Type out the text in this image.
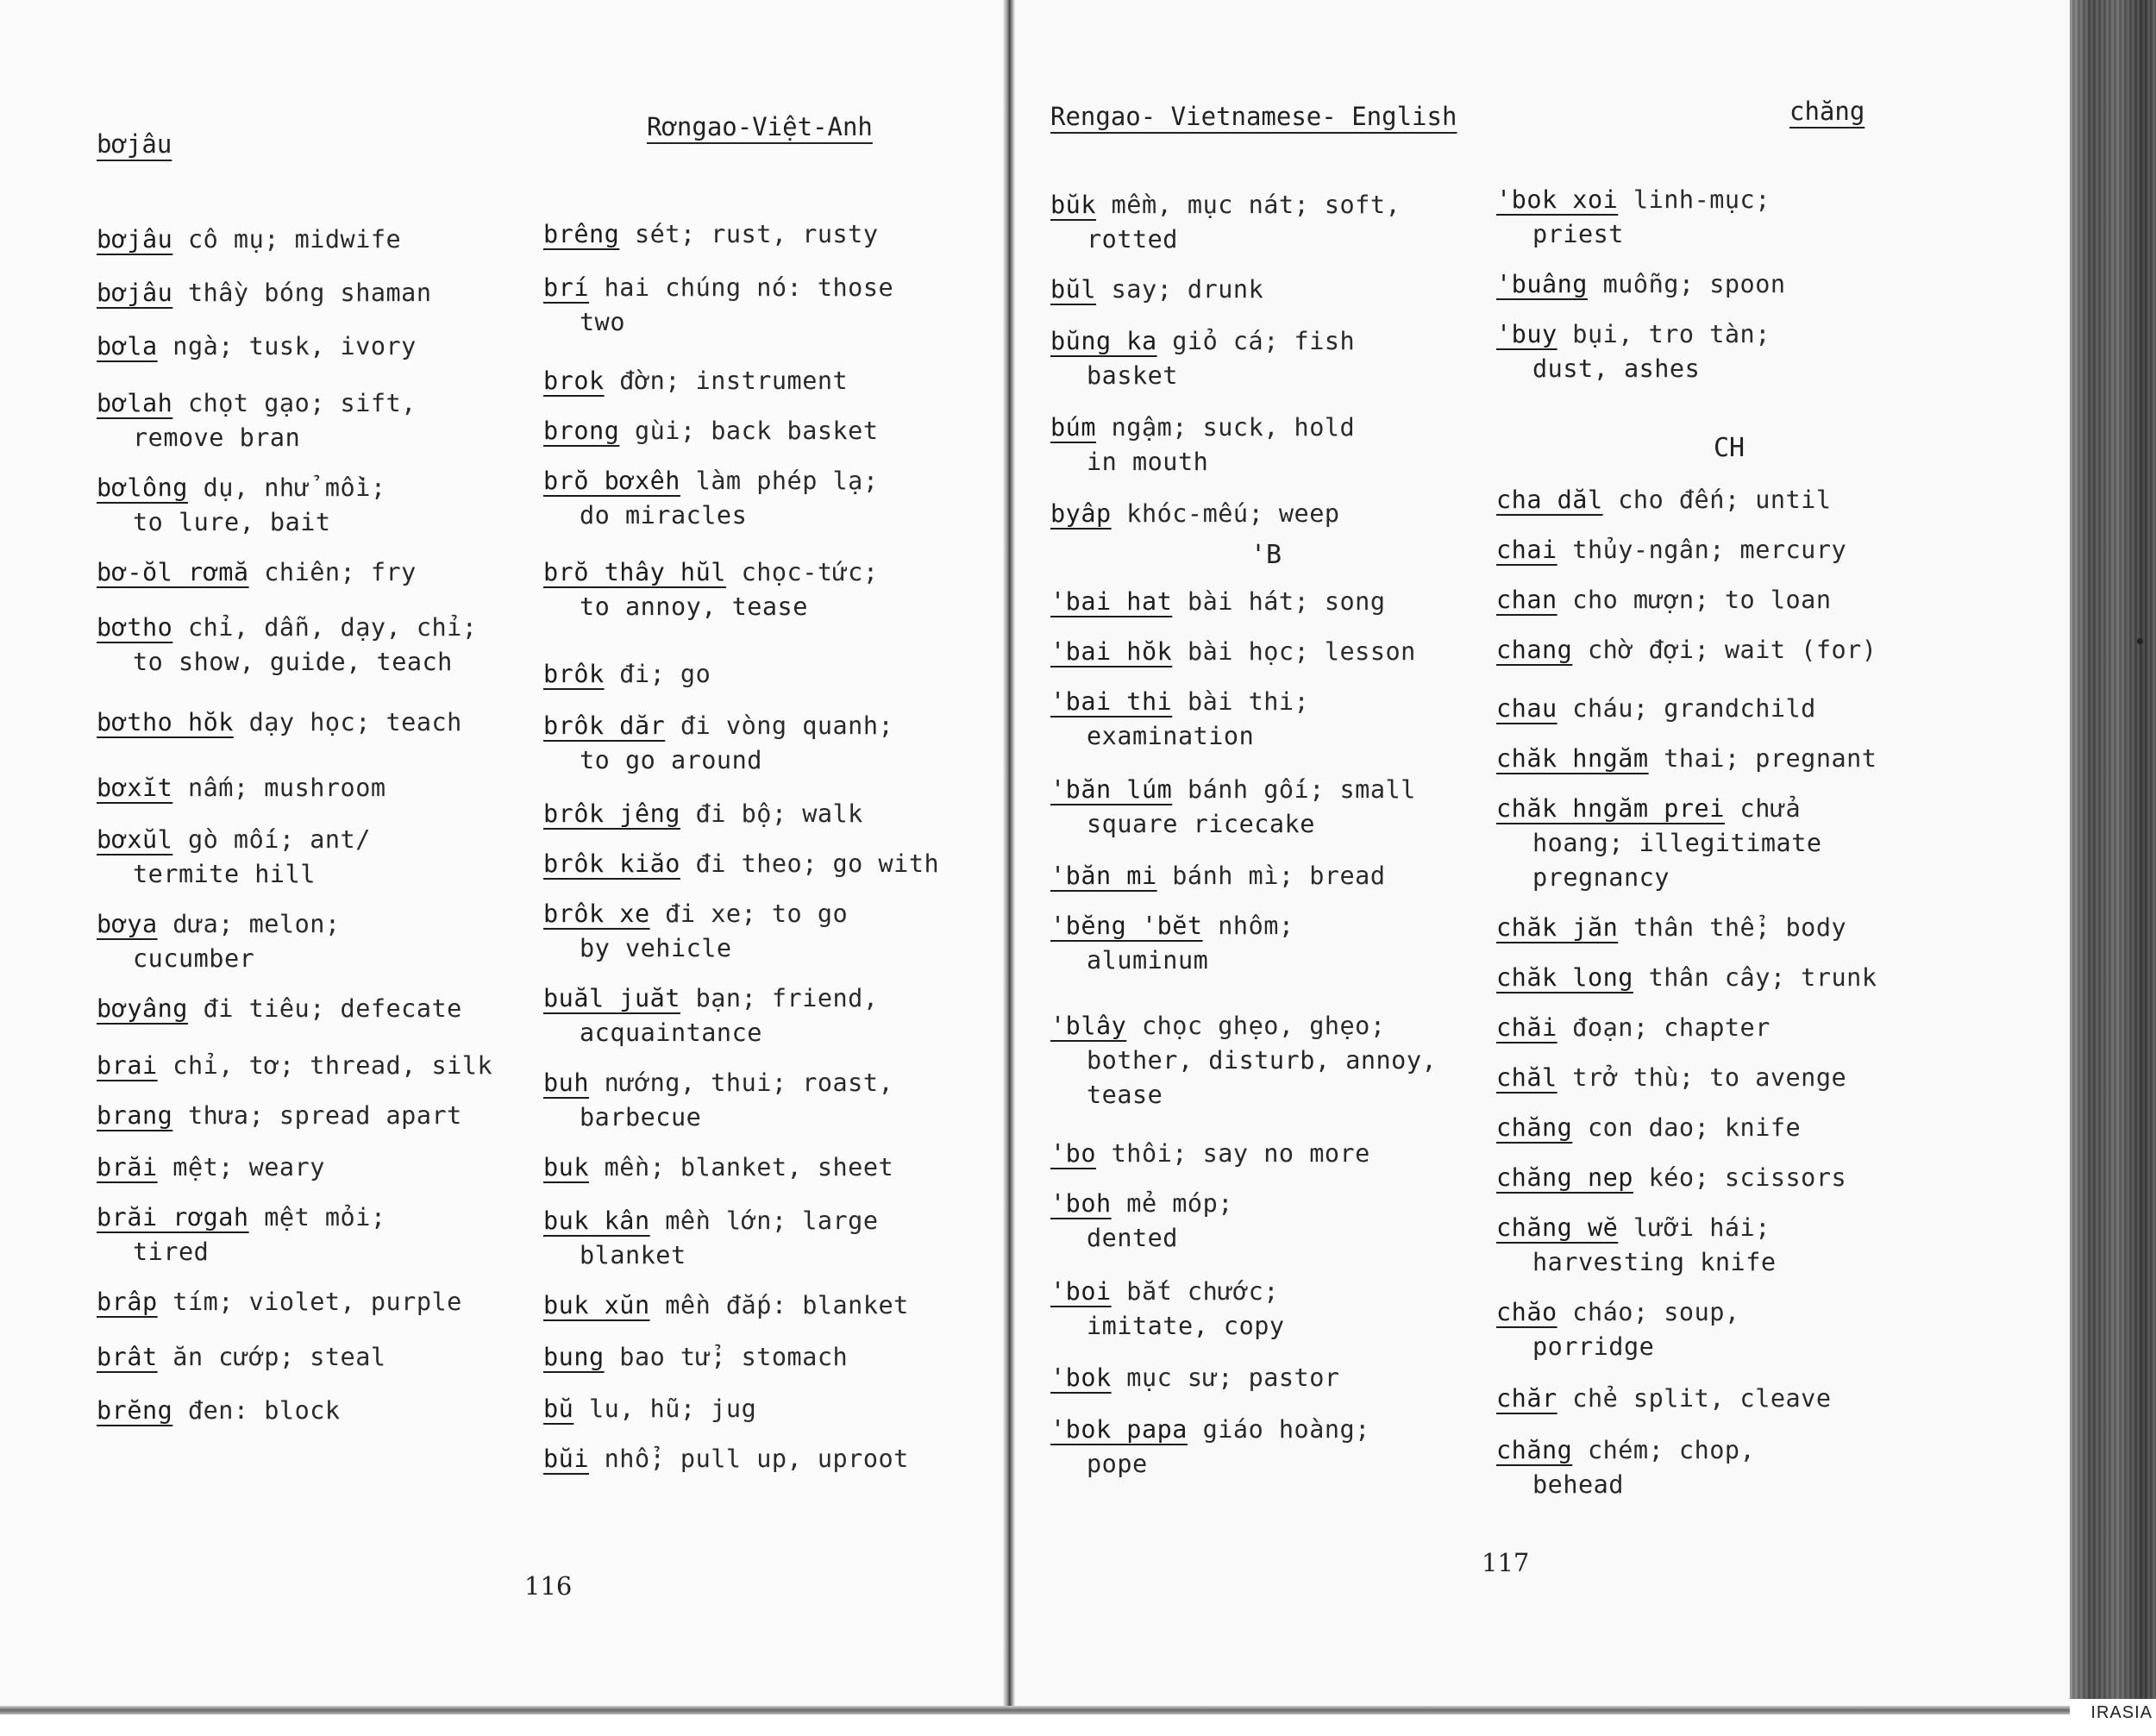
bơjâu
Rơngao-Việt-Anh	Rengao- Vietnamese- English	chăng
bơjâu cô mụ; midwife
bơjâu thầy bóng shaman
bơla ngà; tusk, ivory
bơlah chọt gạo; sift,
remove bran
bơlông dụ, nhử mồi;
to lure, bait
bơ-ŏl rơmă chiên; fry
bơtho chỉ, dẫn, dạy, chỉ;
to show, guide, teach
bơtho hŏk dạy học; teach
bơxĭt nấm; mushroom
bơxŭl gò mối; ant/
termite hill
bơya dưa; melon;
cucumber
bơyâng đi tiêu; defecate
brai chỉ, tơ; thread, silk
brang thưa; spread apart
brăi mệt; weary
brăi rơgah mệt mỏi;
tired
brâp tím; violet, purple
brât ăn cướp; steal
brĕng đen: block
brêng sét; rust, rusty
brí hai chúng nó: those
two
brok đờn; instrument
brong gùi; back basket
brŏ bơxêh làm phép lạ;
do miracles
brŏ thây hŭl chọc-tức;
to annoy, tease
brôk đi; go
brôk dăr đi vòng quanh;
to go around
brôk jêng đi bộ; walk
brôk kiăo đi theo; go with
brôk xe đi xe; to go
by vehicle
buăl juăt bạn; friend,
acquaintance
buh nướng, thui; roast,
barbecue
buk mền; blanket, sheet
buk kân mền lớn; large
blanket
buk xŭn mền đắp: blanket
bung bao tử; stomach
bŭ lu, hũ; jug
bŭi nhổ; pull up, uproot
bŭk mềm, mục nát; soft,
rotted
bŭl say; drunk
bŭng ka giỏ cá; fish
basket
búm ngậm; suck, hold
in mouth
byâp khóc-mếu; weep
'B
'bai hat bài hát; song
'bai hŏk bài học; lesson
'bai thi bài thi;
examination
'băn lúm bánh gối; small
square ricecake
'băn mi bánh mì; bread
'bĕng 'bĕt nhôm;
aluminum
'blây chọc ghẹo, ghẹo;
bother, disturb, annoy,
tease
'bo thôi; say no more
'boh mẻ móp;
dented
'boi bắt chước;
imitate, copy
'bok mục sư; pastor
'bok papa giáo hoàng;
pope
'bok xoi linh-mục;
priest
'buâng muỗng; spoon
'buy bụi, tro tàn;
dust, ashes
CH
cha dăl cho đến; until
chai thủy-ngân; mercury
chan cho mượn; to loan
chang chờ đợi; wait (for)
chau cháu; grandchild
chăk hngăm thai; pregnant
chăk hngăm prei chửa
hoang; illegitimate
pregnancy
chăk jăn thân thể; body
chăk long thân cây; trunk
chăi đoạn; chapter
chăl trở thù; to avenge
chăng con dao; knife
chăng nep kéo; scissors
chăng wĕ lưỡi hái;
harvesting knife
chăo cháo; soup,
porridge
chăr chẻ split, cleave
chăng chém; chop,
behead
116
117
IRASIA
